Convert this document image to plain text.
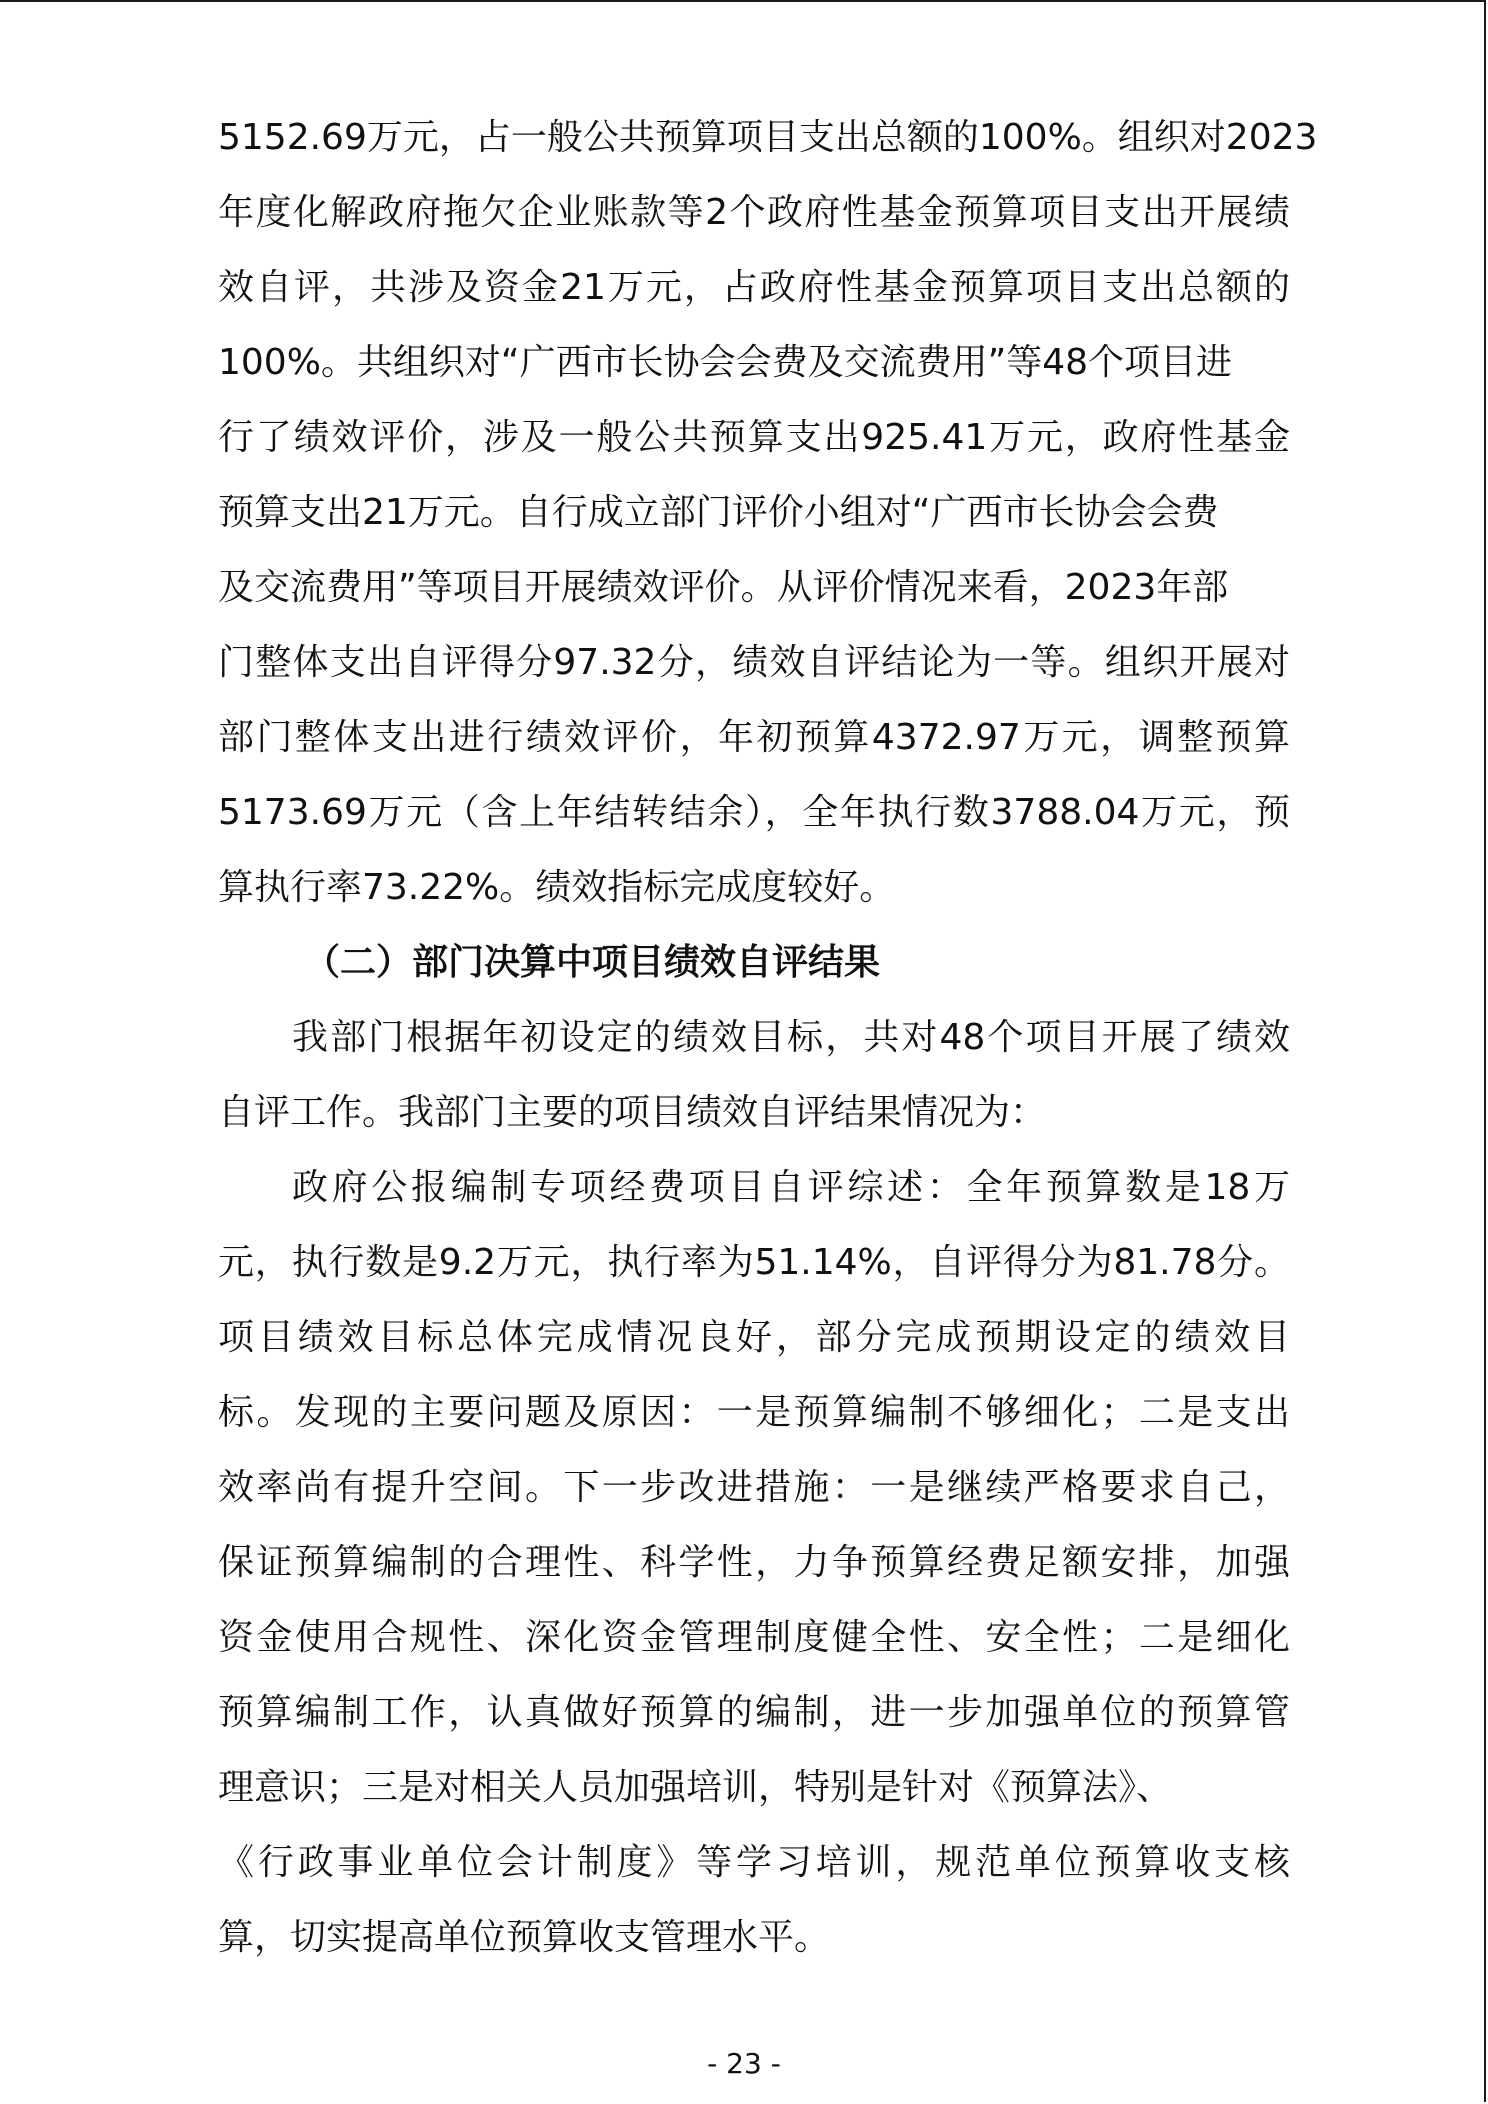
5152.69万元，占一般公共预算项目支出总额的100%。组织对2023
年度化解政府拖欠企业账款等2个政府性基金预算项目支出开展绩
效自评，共涉及资金21万元，占政府性基金预算项目支出总额的
100%。共组织对“广西市长协会会费及交流费用”等48个项目进
行了绩效评价，涉及一般公共预算支出925.41万元，政府性基金
预算支出21万元。自行成立部门评价小组对“广西市长协会会费
及交流费用”等项目开展绩效评价。从评价情况来看，2023年部
门整体支出自评得分97.32分，绩效自评结论为一等。组织开展对
部门整体支出进行绩效评价，年初预算4372.97万元，调整预算
5173.69万元（含上年结转结余），全年执行数3788.04万元，预
算执行率73.22%。绩效指标完成度较好。
（二）部门决算中项目绩效自评结果
我部门根据年初设定的绩效目标，共对48个项目开展了绩效
自评工作。我部门主要的项目绩效自评结果情况为：
政府公报编制专项经费项目自评综述：全年预算数是18万
元，执行数是9.2万元，执行率为51.14%，自评得分为81.78分。
项目绩效目标总体完成情况良好，部分完成预期设定的绩效目
标。发现的主要问题及原因：一是预算编制不够细化；二是支出
效率尚有提升空间。下一步改进措施：一是继续严格要求自己，
保证预算编制的合理性、科学性，力争预算经费足额安排，加强
资金使用合规性、深化资金管理制度健全性、安全性；二是细化
预算编制工作，认真做好预算的编制，进一步加强单位的预算管
理意识；三是对相关人员加强培训，特别是针对《预算法》、
《行政事业单位会计制度》等学习培训，规范单位预算收支核
算，切实提高单位预算收支管理水平。
- 23 -
